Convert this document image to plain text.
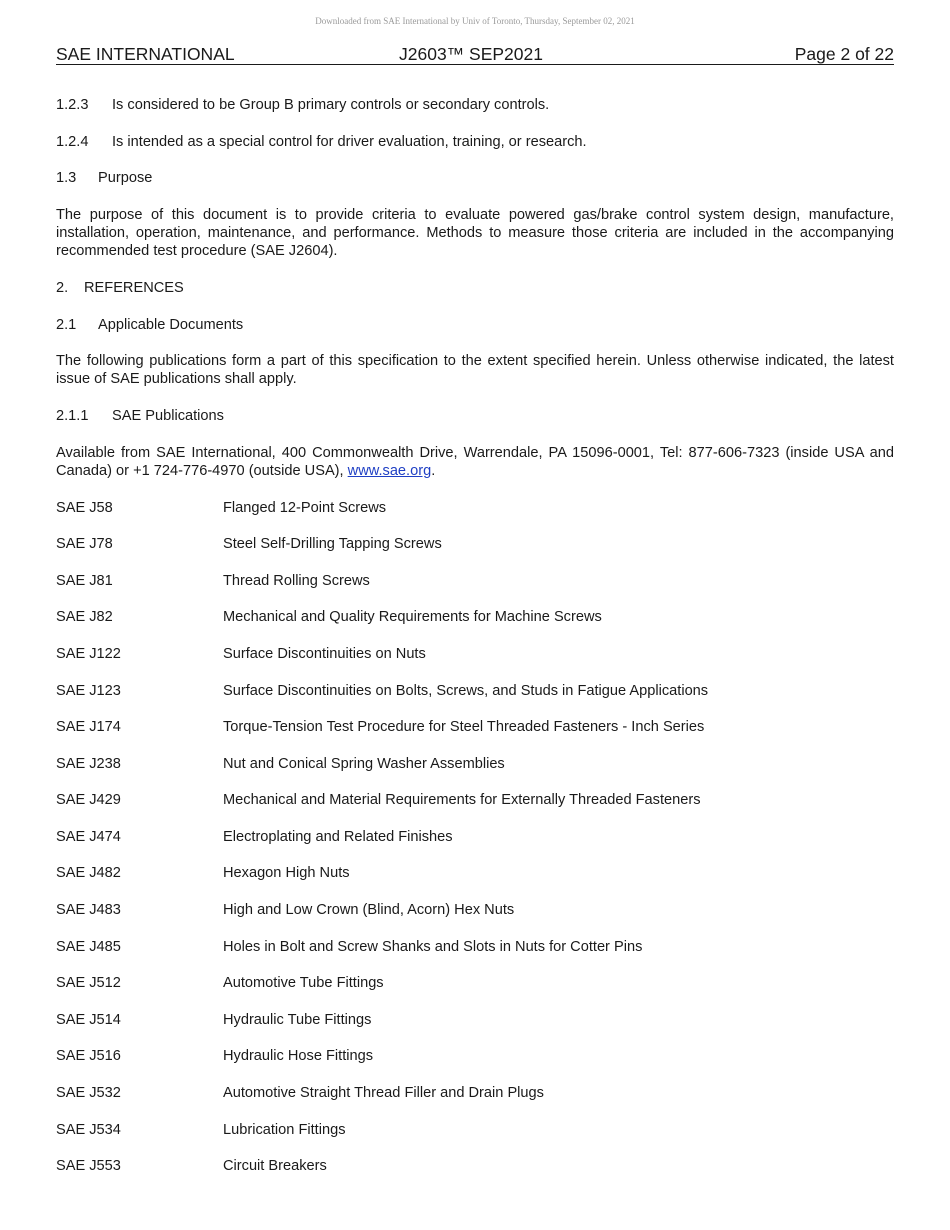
Downloaded from SAE International by Univ of Toronto, Thursday, September 02, 2021
SAE INTERNATIONAL	J2603™ SEP2021	Page 2 of 22
1.2.3	Is considered to be Group B primary controls or secondary controls.
1.2.4	Is intended as a special control for driver evaluation, training, or research.
1.3	Purpose
The purpose of this document is to provide criteria to evaluate powered gas/brake control system design, manufacture, installation, operation, maintenance, and performance. Methods to measure those criteria are included in the accompanying recommended test procedure (SAE J2604).
2.	REFERENCES
2.1	Applicable Documents
The following publications form a part of this specification to the extent specified herein. Unless otherwise indicated, the latest issue of SAE publications shall apply.
2.1.1	SAE Publications
Available from SAE International, 400 Commonwealth Drive, Warrendale, PA 15096-0001, Tel: 877-606-7323 (inside USA and Canada) or +1 724-776-4970 (outside USA), www.sae.org.
SAE J58	Flanged 12-Point Screws
SAE J78	Steel Self-Drilling Tapping Screws
SAE J81	Thread Rolling Screws
SAE J82	Mechanical and Quality Requirements for Machine Screws
SAE J122	Surface Discontinuities on Nuts
SAE J123	Surface Discontinuities on Bolts, Screws, and Studs in Fatigue Applications
SAE J174	Torque-Tension Test Procedure for Steel Threaded Fasteners - Inch Series
SAE J238	Nut and Conical Spring Washer Assemblies
SAE J429	Mechanical and Material Requirements for Externally Threaded Fasteners
SAE J474	Electroplating and Related Finishes
SAE J482	Hexagon High Nuts
SAE J483	High and Low Crown (Blind, Acorn) Hex Nuts
SAE J485	Holes in Bolt and Screw Shanks and Slots in Nuts for Cotter Pins
SAE J512	Automotive Tube Fittings
SAE J514	Hydraulic Tube Fittings
SAE J516	Hydraulic Hose Fittings
SAE J532	Automotive Straight Thread Filler and Drain Plugs
SAE J534	Lubrication Fittings
SAE J553	Circuit Breakers
